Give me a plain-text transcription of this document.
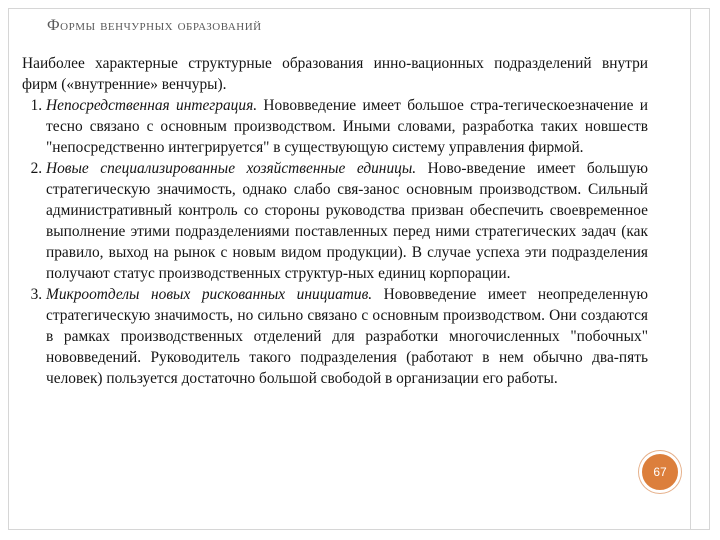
Формы венчурных образований

Наиболее характерные структурные образования инно-вационных подразделений внутри фирм («внутренние» венчуры).

1. Непосредственная интеграция. Нововведение имеет большое стра-тегическоезначение и тесно связано с основным производством. Иными словами, разработка таких новшеств "непосредственно интегрируется" в существующую систему управления фирмой.
2. Новые специализированные хозяйственные единицы. Ново-введение имеет большую стратегическую значимость, однако слабо свя-занос основным производством. Сильный административный контроль со стороны руководства призван обеспечить своевременное выполнение этими подразделениями поставленных перед ними стратегических задач (как правило, выход на рынок с новым видом продукции). В случае успеха эти подразделения получают статус производственных структур-ных единиц корпорации.
3. Микроотделы новых рискованных инициатив. Нововведение имеет неопределенную стратегическую значимость, но сильно связано с основным производством. Они создаются в рамках производственных отделений для разработки многочисленных "побочных" нововведений. Руководитель такого подразделения (работают в нем обычно два-пять человек) пользуется достаточно большой свободой в организации его работы.
67
